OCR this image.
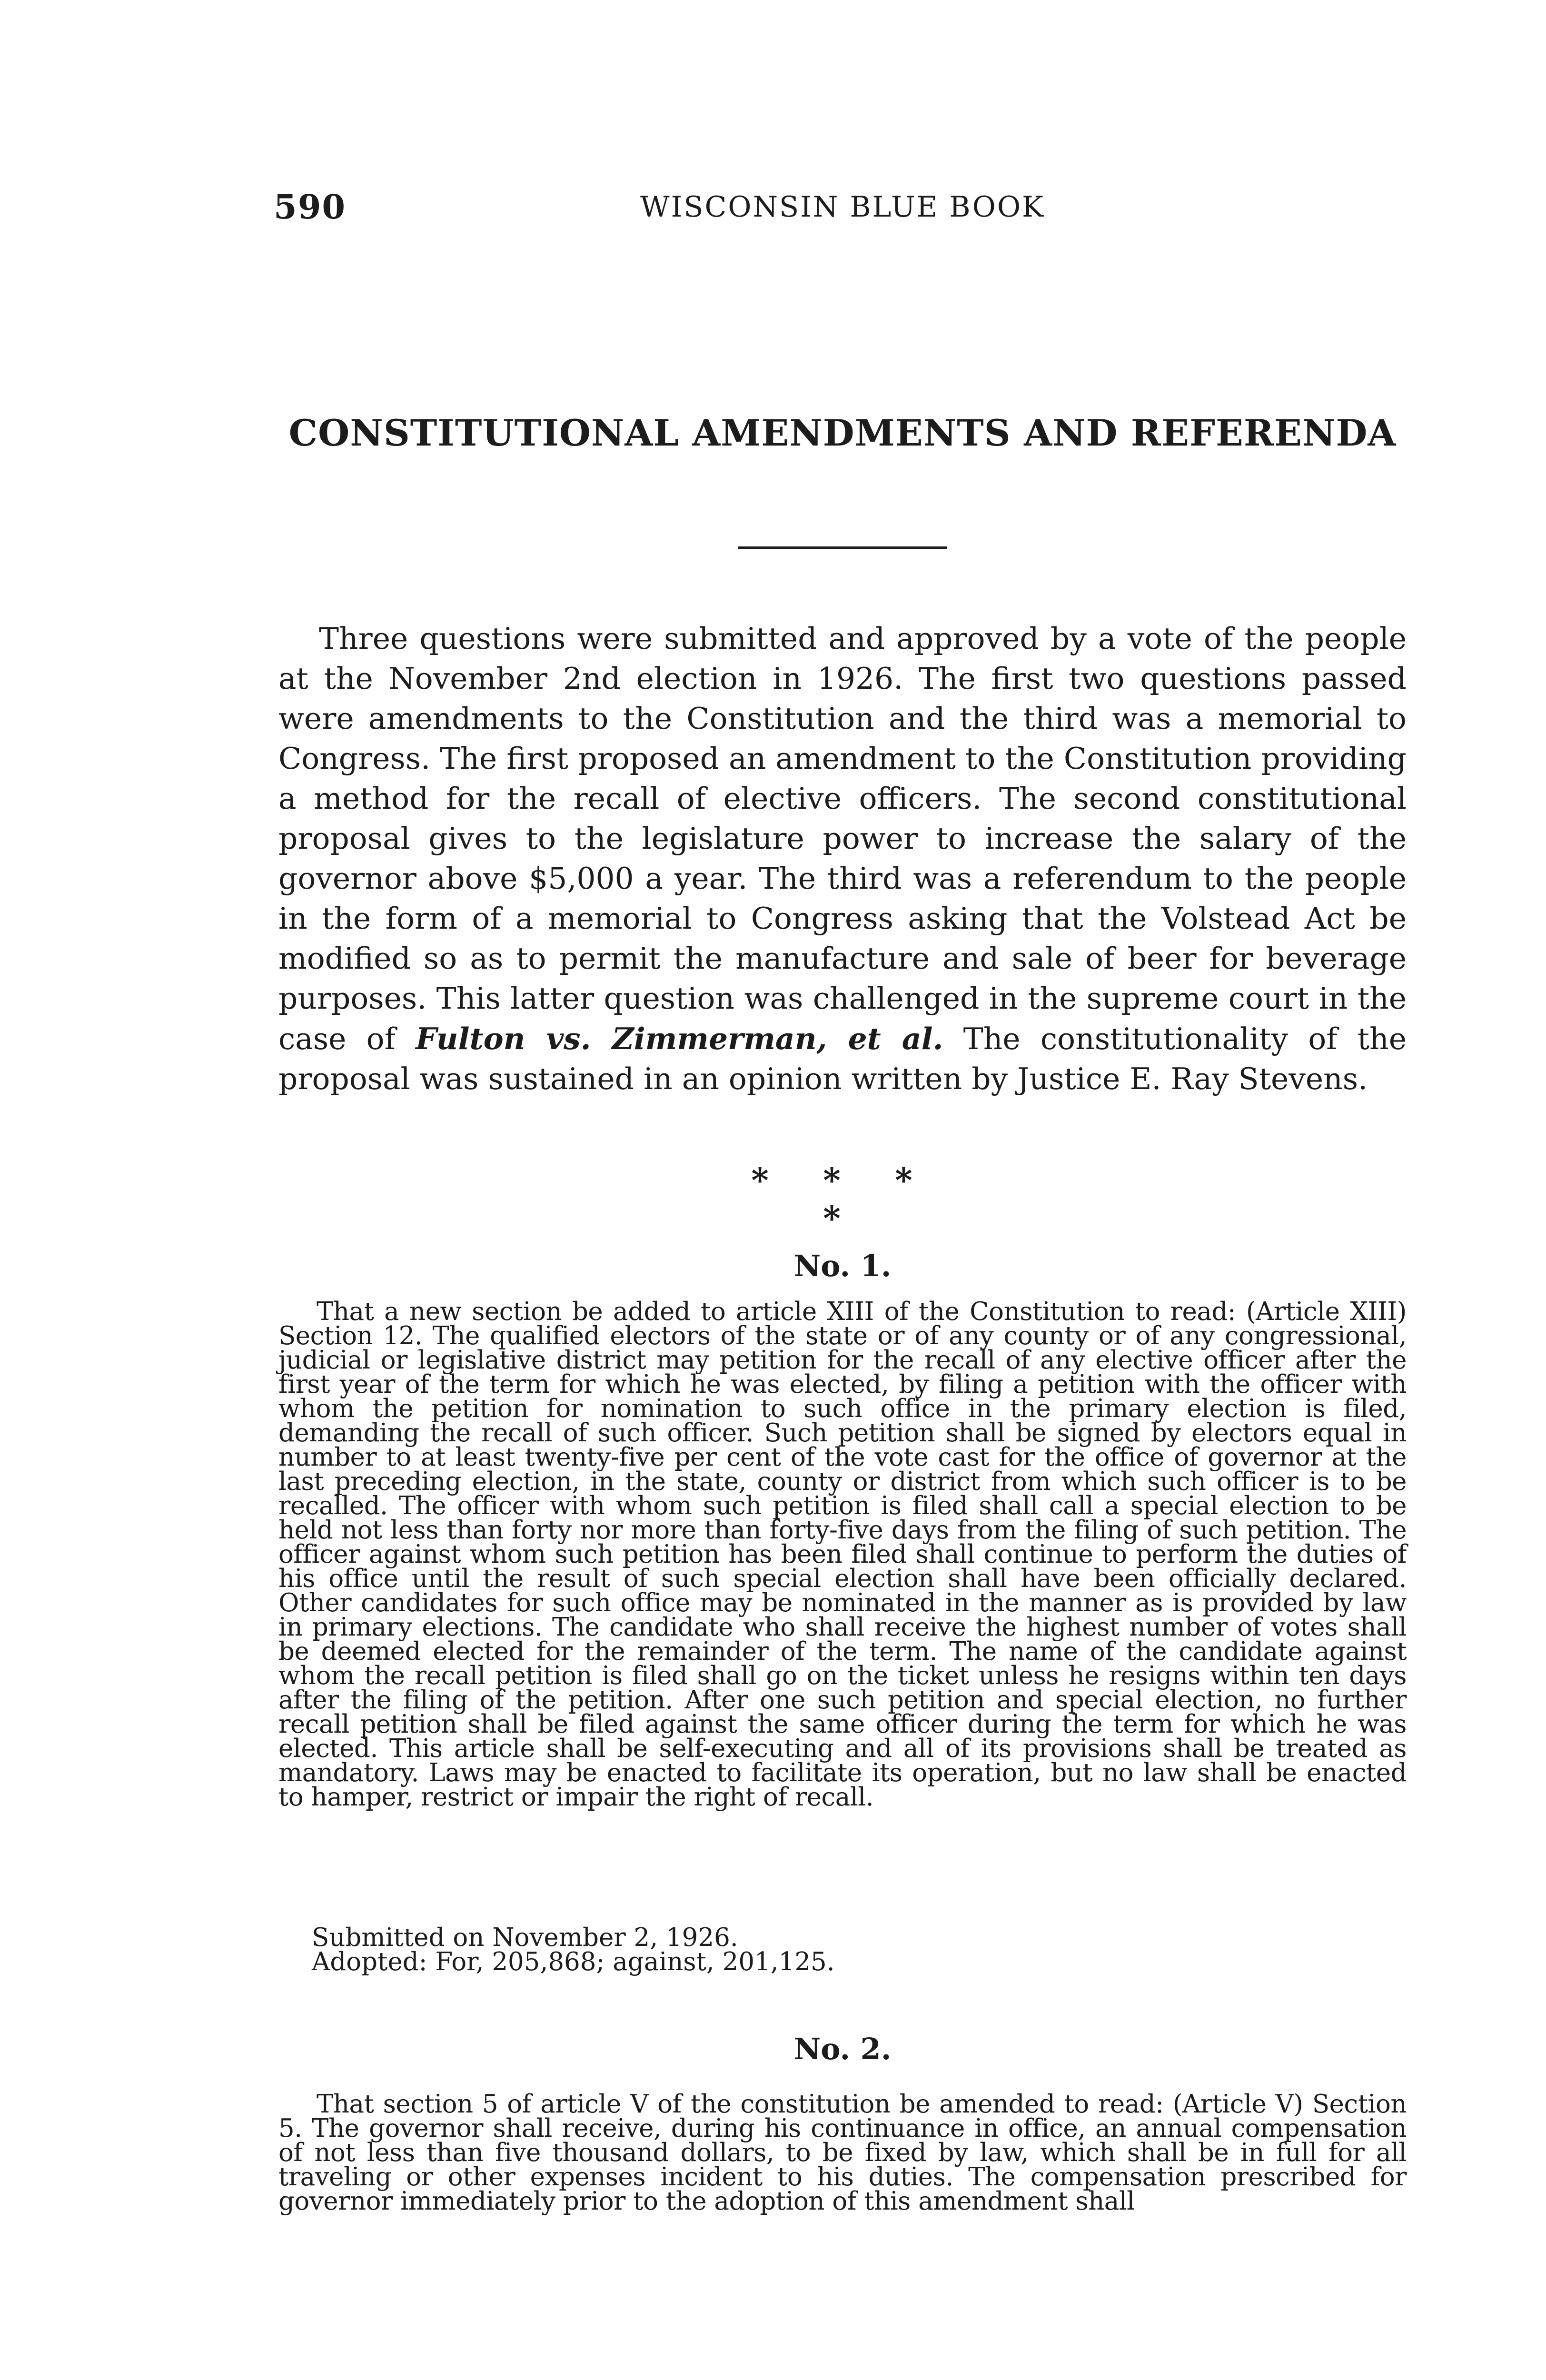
590	WISCONSIN BLUE BOOK
CONSTITUTIONAL AMENDMENTS AND REFERENDA

Three questions were submitted and approved by a vote of the people at the November 2nd election in 1926. The first two questions passed were amendments to the Constitution and the third was a memorial to Congress. The first proposed an amendment to the Constitution providing a method for the recall of elective officers. The second constitutional proposal gives to the legislature power to increase the salary of the governor above $5,000 a year. The third was a referendum to the people in the form of a memorial to Congress asking that the Volstead Act be modified so as to permit the manufacture and sale of beer for beverage purposes. This latter question was challenged in the supreme court in the case of Fulton vs. Zimmerman, et al. The constitutionality of the proposal was sustained in an opinion written by Justice E. Ray Stevens.

* * * *
No. 1.

That a new section be added to article XIII of the Constitution to read: (Article XIII) Section 12. The qualified electors of the state or of any county or of any congressional, judicial or legislative district may petition for the recall of any elective officer after the first year of the term for which he was elected, by filing a petition with the officer with whom the petition for nomination to such office in the primary election is filed, demanding the recall of such officer. Such petition shall be signed by electors equal in number to at least twenty-five per cent of the vote cast for the office of governor at the last preceding election, in the state, county or district from which such officer is to be recalled. The officer with whom such petition is filed shall call a special election to be held not less than forty nor more than forty-five days from the filing of such petition. The officer against whom such petition has been filed shall continue to perform the duties of his office until the result of such special election shall have been officially declared. Other candidates for such office may be nominated in the manner as is provided by law in primary elections. The candidate who shall receive the highest number of votes shall be deemed elected for the remainder of the term. The name of the candidate against whom the recall petition is filed shall go on the ticket unless he resigns within ten days after the filing of the petition. After one such petition and special election, no further recall petition shall be filed against the same officer during the term for which he was elected. This article shall be self-executing and all of its provisions shall be treated as mandatory. Laws may be enacted to facilitate its operation, but no law shall be enacted to hamper, restrict or impair the right of recall.

Submitted on November 2, 1926.
Adopted: For, 205,868; against, 201,125.
No. 2.

That section 5 of article V of the constitution be amended to read: (Article V) Section 5. The governor shall receive, during his continuance in office, an annual compensation of not less than five thousand dollars, to be fixed by law, which shall be in full for all traveling or other expenses incident to his duties. The compensation prescribed for governor immediately prior to the adoption of this amendment shall
